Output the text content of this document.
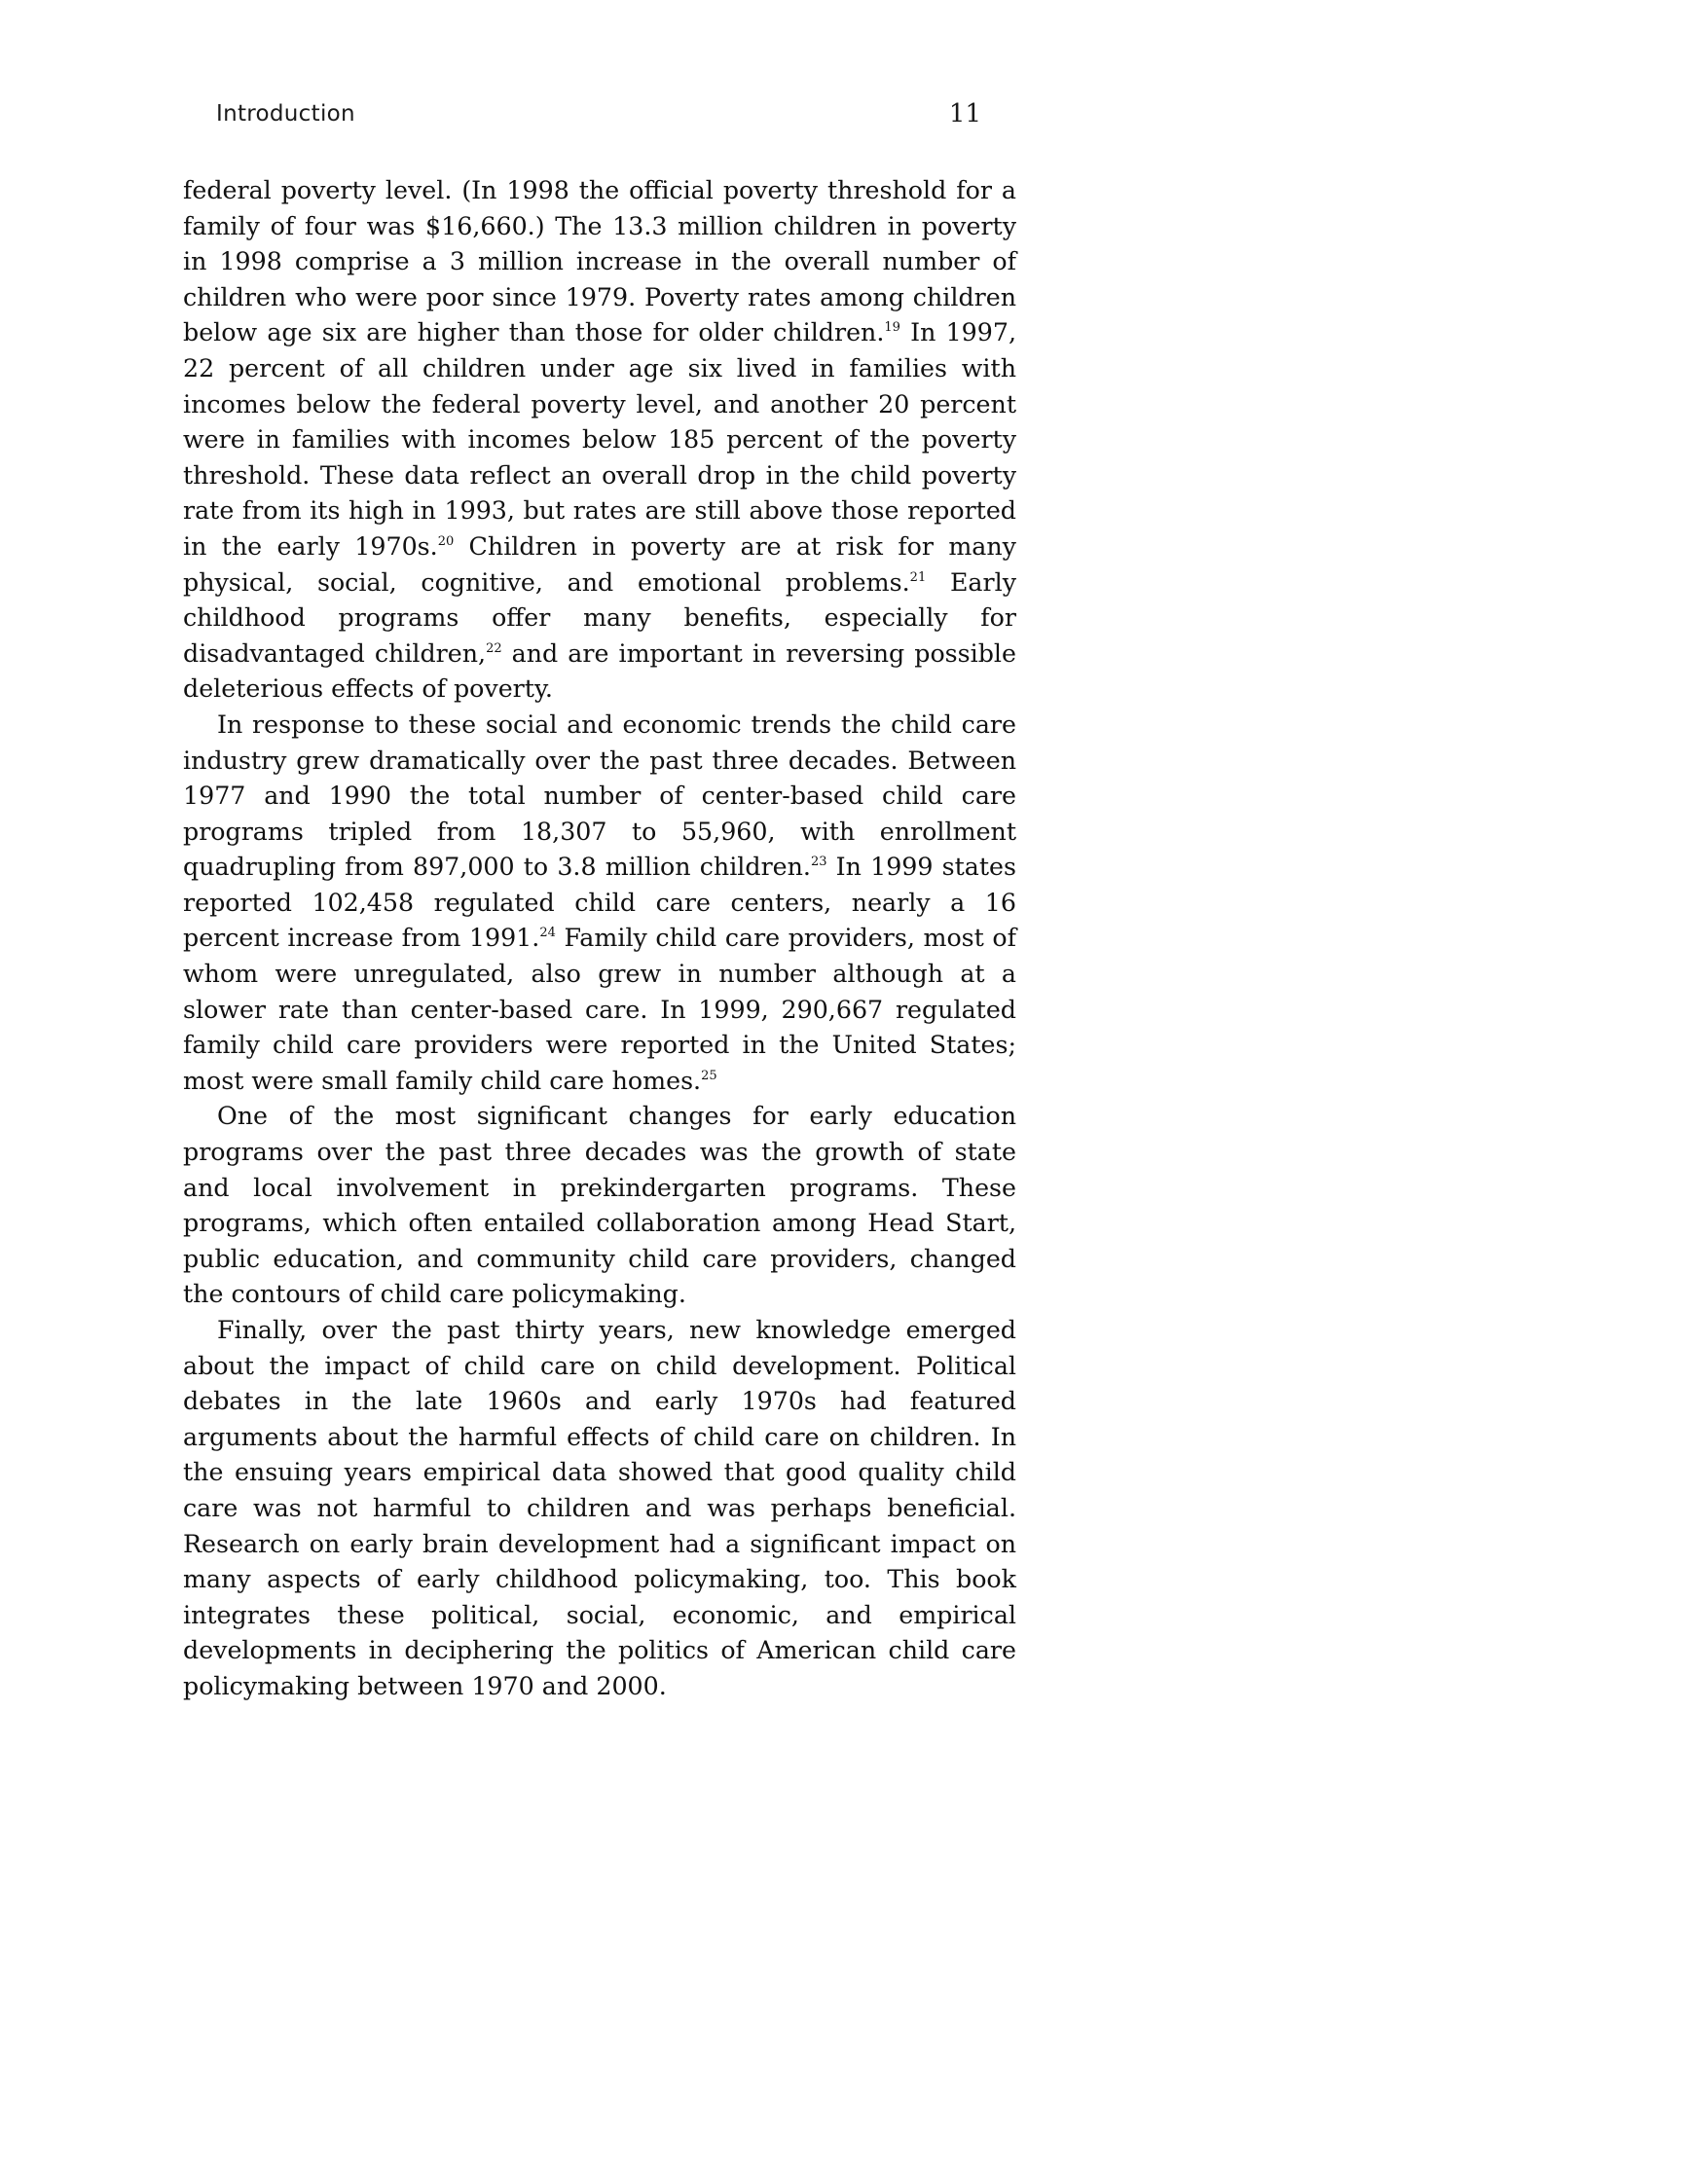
Introduction	11

federal poverty level. (In 1998 the official poverty threshold for a family of four was $16,660.) The 13.3 million children in poverty in 1998 comprise a 3 million increase in the overall number of children who were poor since 1979. Poverty rates among children below age six are higher than those for older children.$^{19}$ In 1997, 22 percent of all children under age six lived in families with incomes below the federal poverty level, and another 20 percent were in families with incomes below 185 percent of the poverty threshold. These data reflect an overall drop in the child poverty rate from its high in 1993, but rates are still above those reported in the early 1970s.$^{20}$ Children in poverty are at risk for many physical, social, cognitive, and emotional problems.$^{21}$ Early childhood programs offer many benefits, especially for disadvantaged children,$^{22}$ and are important in reversing possible deleterious effects of poverty.

In response to these social and economic trends the child care industry grew dramatically over the past three decades. Between 1977 and 1990 the total number of center-based child care programs tripled from 18,307 to 55,960, with enrollment quadrupling from 897,000 to 3.8 million children.$^{23}$ In 1999 states reported 102,458 regulated child care centers, nearly a 16 percent increase from 1991.24 Family child care providers, most of whom were unregulated, also grew in number although at a slower rate than center-based care. In 1999, 290,667 regulated family child care providers were reported in the United States; most were small family child care homes.$^{25}$

One of the most significant changes for early education programs over the past three decades was the growth of state and local involvement in prekindergarten programs. These programs, which often entailed collaboration among Head Start, public education, and community child care providers, changed the contours of child care policymaking.

Finally, over the past thirty years, new knowledge emerged about the impact of child care on child development. Political debates in the late 1960s and early 1970s had featured arguments about the harmful effects of child care on children. In the ensuing years empirical data showed that good quality child care was not harmful to children and was perhaps beneficial. Research on early brain development had a significant impact on many aspects of early childhood policymaking, too. This book integrates these political, social, economic, and empirical developments in deciphering the politics of American child care policymaking between 1970 and 2000.
